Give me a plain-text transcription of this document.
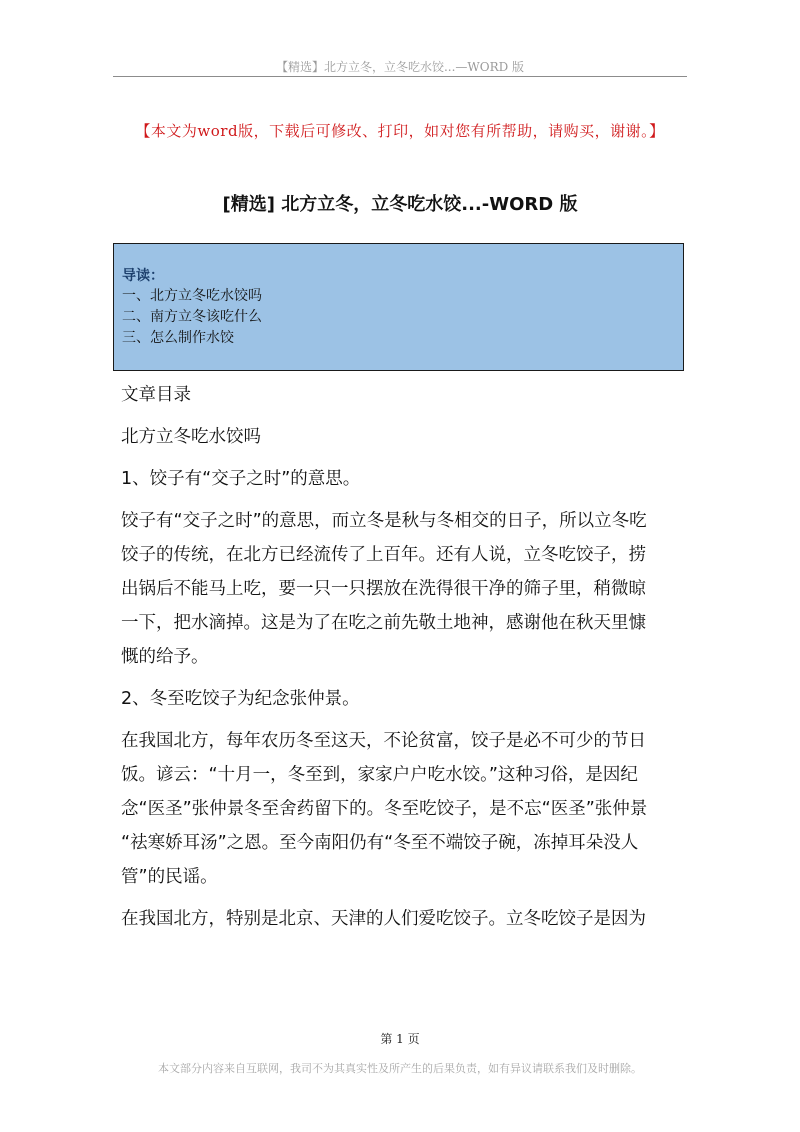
【精选】北方立冬，立冬吃水饺...—WORD 版
【本文为word版，下载后可修改、打印，如对您有所帮助，请购买，谢谢。】
[精选] 北方立冬，立冬吃水饺...-WORD 版
导读：
一、北方立冬吃水饺吗
二、南方立冬该吃什么
三、怎么制作水饺

文章目录

北方立冬吃水饺吗

1、饺子有“交子之时”的意思。

饺子有“交子之时”的意思，而立冬是秋与冬相交的日子，所以立冬吃

饺子的传统，在北方已经流传了上百年。还有人说，立冬吃饺子，捞

出锅后不能马上吃，要一只一只摆放在洗得很干净的筛子里，稍微晾

一下，把水滴掉。这是为了在吃之前先敬土地神，感谢他在秋天里慷

慨的给予。

2、冬至吃饺子为纪念张仲景。

在我国北方，每年农历冬至这天，不论贫富，饺子是必不可少的节日

饭。谚云：“十月一，冬至到，家家户户吃水饺。”这种习俗，是因纪

念“医圣”张仲景冬至舍药留下的。冬至吃饺子，是不忘“医圣”张仲景

“祛寒娇耳汤”之恩。至今南阳仍有“冬至不端饺子碗，冻掉耳朵没人

管”的民谣。

在我国北方，特别是北京、天津的人们爱吃饺子。立冬吃饺子是因为

第 1 页
本文部分内容来自互联网，我司不为其真实性及所产生的后果负责，如有异议请联系我们及时删除。
